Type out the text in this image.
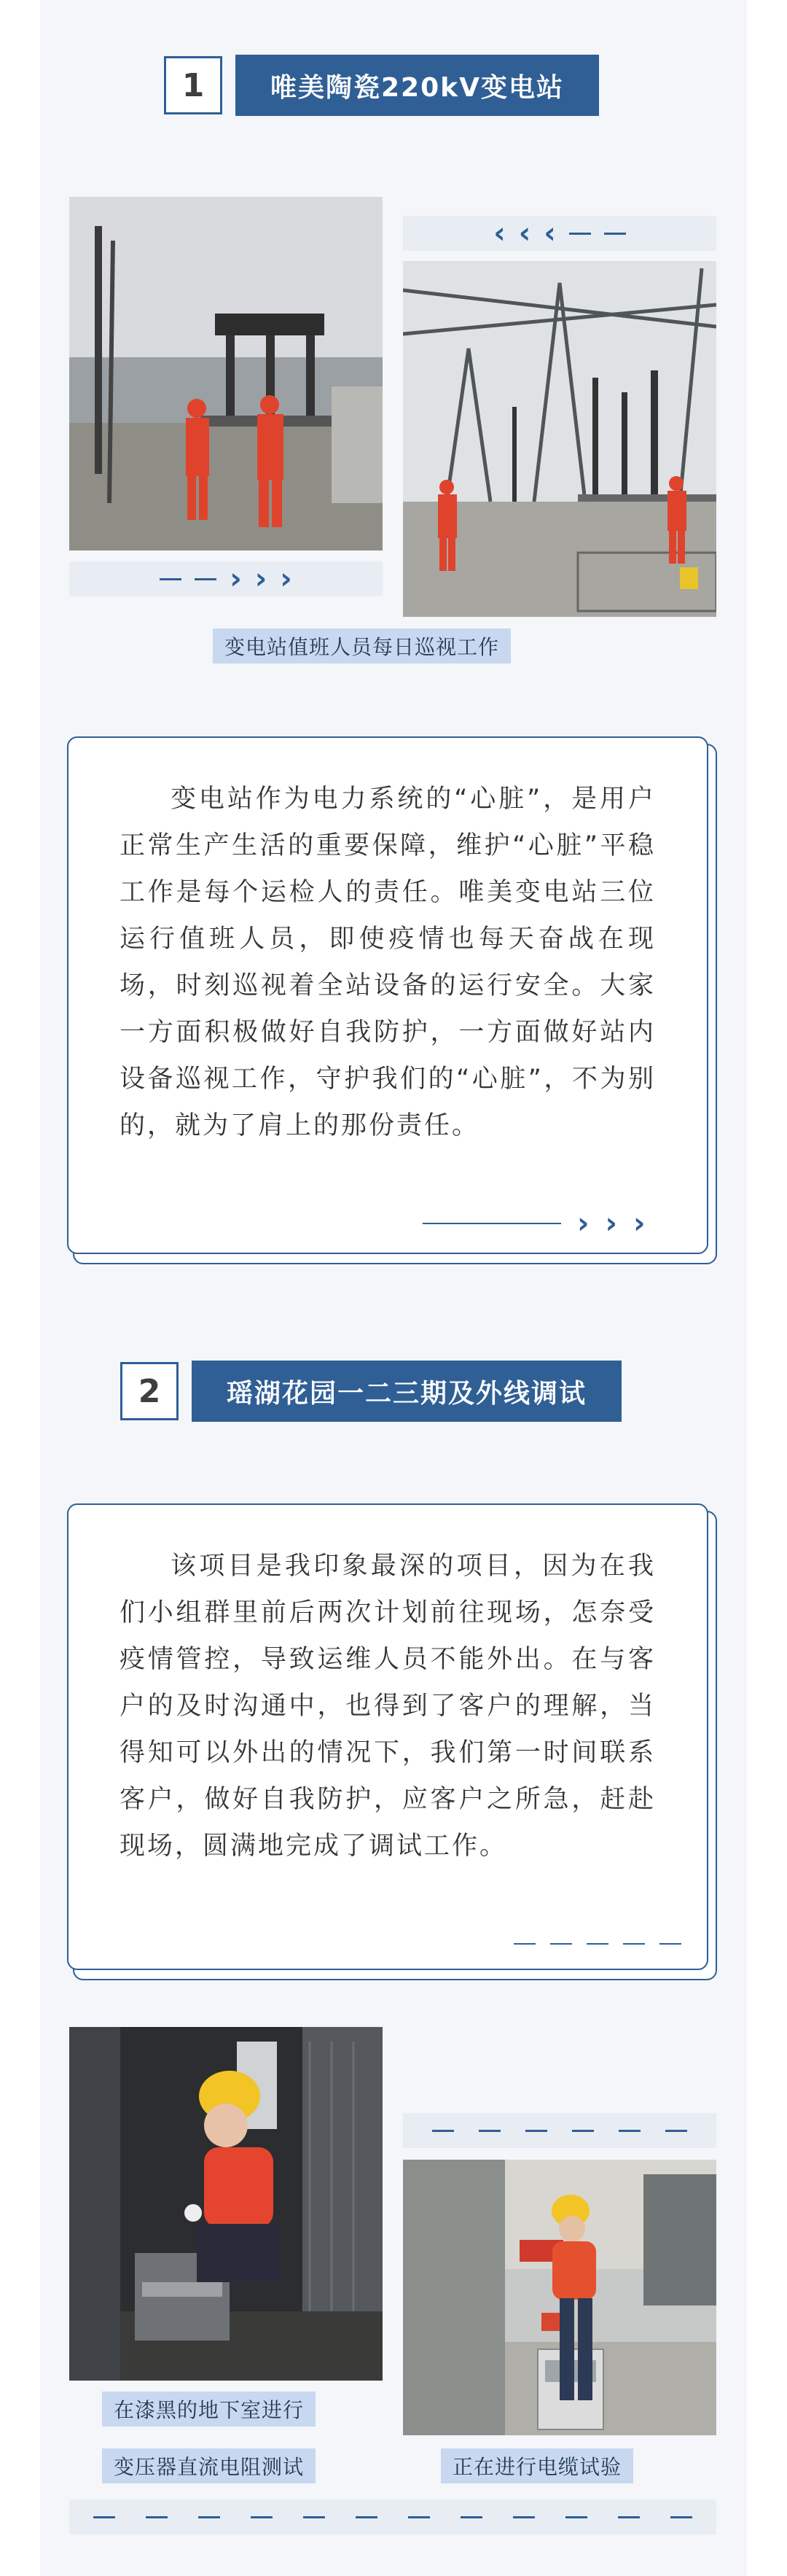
1	唯美陶瓷220kV变电站
› › ›
‹ ‹ ‹
变电站值班人员每日巡视工作

变电站作为电力系统的“心脏”，是用户正常生产生活的重要保障，维护“心脏”平稳工作是每个运检人的责任。唯美变电站三位运行值班人员，即使疫情也每天奋战在现场，时刻巡视着全站设备的运行安全。大家一方面积极做好自我防护，一方面做好站内设备巡视工作，守护我们的“心脏”，不为别的，就为了肩上的那份责任。

› › ›
2	瑶湖花园一二三期及外线调试

该项目是我印象最深的项目，因为在我们小组群里前后两次计划前往现场，怎奈受疫情管控，导致运维人员不能外出。在与客户的及时沟通中，也得到了客户的理解，当得知可以外出的情况下，我们第一时间联系客户，做好自我防护，应客户之所急，赶赴现场，圆满地完成了调试工作。

在漆黑的地下室进行
变压器直流电阻测试	正在进行电缆试验
